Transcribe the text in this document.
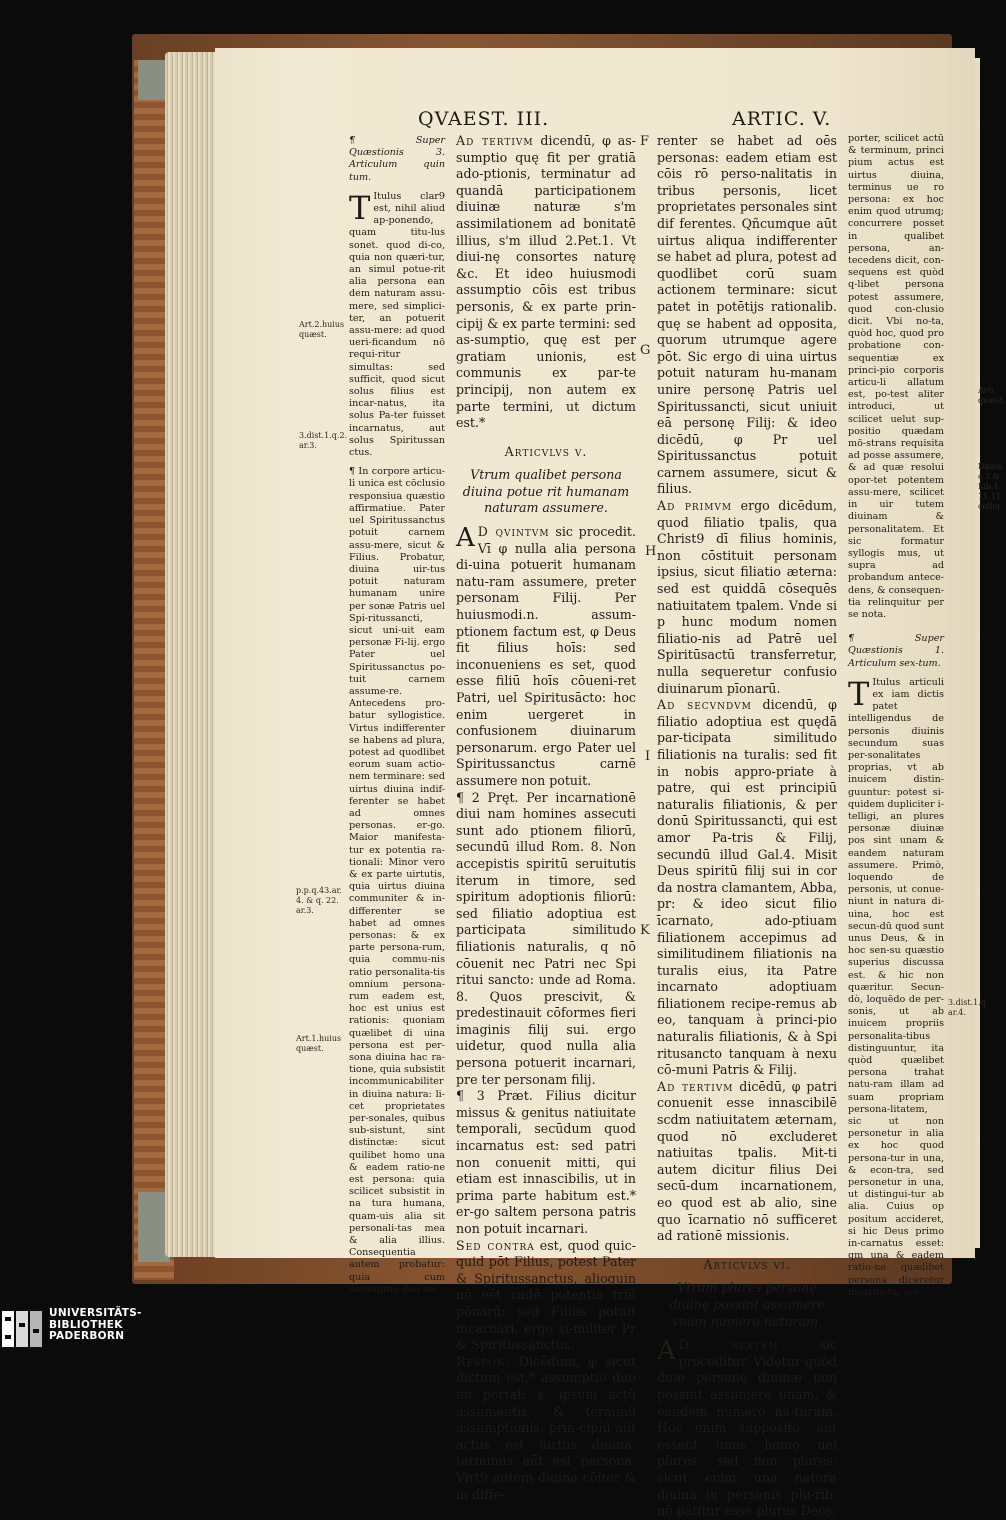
QVAEST. III.	ARTIC. V.
Art.2.huius quæst.
3.dist.1.q.2. ar.3.
p.p.q.43.ar. 4. & q. 22. ar.3.
Art.1.huius quæst.
Arti. quæst.
Dama. c.3 & Lib.1. 11.11. collig.
3.dist.1.q ar.4.
F
G
H
I
K

¶ Super Quæstionis 3. Articulum quin tum.

T Itulus clar9 est, nihil aliud ap-ponendo, quam titu-lus sonet. quod di-co, quia non quæri-tur, an simul potue-rit alia persona ean dem naturam assu-mere, sed simplici-ter, an potuerit assu-mere: ad quod ueri-ficandum nō requi-ritur simultas: sed sufficit, quod sicut solus filius est incar-natus, ita solus Pa-ter fuisset incarnatus, aut solus Spiritussan ctus.

¶ In corpore articu-li unica est cōclusio responsiua quæstio affirmatiue. Pater uel Spiritussanctus potuit carnem assu-mere, sicut & Filius. Probatur, diuina uir-tus potuit naturam humanam unire per sonæ Patris uel Spi-ritussancti, sicut uni-uit eam personæ Fi-lij. ergo Pater uel Spiritussanctus po-tuit carnem assume-re. Antecedens pro-batur syllogistice. Virtus indifferenter se habens ad plura, potest ad quodlibet eorum suam actio-nem terminare: sed uirtus diuina indif-ferenter se habet ad omnes personas. er-go. Maior manifesta-tur ex potentia ra-tionali: Minor vero & ex parte uirtutis, quia uirtus diuina communiter & in-differenter se habet ad omnes personas: & ex parte persona-rum, quia commu-nis ratio personalita-tis omnium persona-rum eadem est, hoc est unius est rationis: quoniam quælibet di uina persona est per-sona diuina hac ra-tione, quia subsistit incommunicabiliter in diuina natura: li-cet proprietates per-sonales, quibus sub-sistunt, sint distinctæ: sicut quilibet homo una & eadem ratio-ne est persona: quia scilicet subsistit in na tura humana, quam-uis alia sit personali-tas mea & alia illius. Consequentia autem probatur: quia cum assumptio duo im-

Ad tertivm dicendū, φ as-sumptio quę fit per gratiā ado-ptionis, terminatur ad quandā participationem diuinæ naturæ s'm assimilationem ad bonitatē illius, s'm illud 2.Pet.1. Vt diui-nę consortes naturę &c. Et ideo huiusmodi assumptio cōis est tribus personis, & ex parte prin-cipij & ex parte termini: sed as-sumptio, quę est per gratiam unionis, est communis ex par-te principij, non autem ex parte termini, ut dictum est.*

Articvlvs v.

Vtrum qualibet persona diuina potue rit humanam naturam assumere.

A D qvintvm sic procedit. Vī φ nulla alia persona di-uina potuerit humanam natu-ram assumere, preter personam Filij. Per huiusmodi.n. assum-ptionem factum est, φ Deus fit filius hoīs: sed inconueniens es set, quod esse filiū hoīs cōueni-ret Patri, uel Spiritusācto: hoc enim uergeret in confusionem diuinarum personarum. ergo Pater uel Spiritussanctus carnē assumere non potuit.

¶ 2 Pręt. Per incarnationē diui nam homines assecuti sunt ado ptionem filiorū, secundū illud Rom. 8. Non accepistis spiritū seruitutis iterum in timore, sed spiritum adoptionis filiorū: sed filiatio adoptiua est participata similitudo filiationis naturalis, q nō cōuenit nec Patri nec Spi ritui sancto: unde ad Roma. 8. Quos prescivit, & predestinauit cōformes fieri imaginis filij sui. ergo uidetur, quod nulla alia persona potuerit incarnari, pre ter personam filij.

¶ 3 Præt. Filius dicitur missus & genitus natiuitate temporali, secūdum quod incarnatus est: sed patri non conuenit mitti, qui etiam est innascibilis, ut in prima parte habitum est.* er-go saltem persona patris non potuit incarnari.

Sed contra est, quod quic-quid pōt Filius, potest Pater & Spiritussanctus, alioquin nō eēt cadē potentia triū pōnarū: sed Filius potuit incarnari. ergo si-militer Pr & Spiritussanctus.

Respon. Dicēdum, φ sicut dictum est,* assumptio duo im portat: s. ipsum actū assumentis, & terminū assumptionis: prin-cipiū aūt actus est uirtus diuina: terminus aūt est persona. Virt9 autem diuina cōiter & in diffe-

renter se habet ad oēs personas: eadem etiam est cōis rō perso-nalitatis in tribus personis, licet proprietates personales sint dif ferentes. Qñcumque aūt uirtus aliqua indifferenter se habet ad plura, potest ad quodlibet corū suam actionem terminare: sicut patet in potētijs rationalib. quę se habent ad opposita, quorum utrumque agere pōt. Sic ergo di uina uirtus potuit naturam hu-manam unire personę Patris uel Spiritussancti, sicut uniuit eā personę Filij: & ideo dicēdū, φ Pr uel Spiritussanctus potuit carnem assumere, sicut & filius.

Ad primvm ergo dicēdum, quod filiatio tpalis, qua Christ9 dī filius hominis, non cōstituit personam ipsius, sicut filiatio æterna: sed est quiddā cōsequēs natiuitatem tpalem. Vnde si p hunc modum nomen filiatio-nis ad Patrē uel Spiritūsactū transferretur, nulla sequeretur confusio diuinarum pīonarū.

Ad secvndvm dicendū, φ filiatio adoptiua est quędā par-ticipata similitudo filiationis na turalis: sed fit in nobis appro-priate à patre, qui est principiū naturalis filiationis, & per donū Spiritussancti, qui est amor Pa-tris & Filij, secundū illud Gal.4. Misit Deus spiritū filij sui in cor da nostra clamantem, Abba, pr: & ideo sicut filio īcarnato, ado-ptiuam filiationem accepimus ad similitudinem filiationis na turalis eius, ita Patre incarnato adoptiuam filiationem recipe-remus ab eo, tanquam à princi-pio naturalis filiationis, & à Spi ritusancto tanquam à nexu cō-muni Patris & Filij.

Ad tertivm dicēdū, φ patri conuenit esse innascibilē scdm natiuitatem æternam, quod nō excluderet natiuitas tpalis. Mit-ti autem dicitur filius Dei secū-dum incarnationem, eo quod est ab alio, sine quo īcarnatio nō sufficeret ad rationē missionis.

Articvlvs vi.

Vtrum plures personę diuinę possint assumere vnam numero naturam.

A D sextvm sic proceditur. Videtur quòd duæ personę diuinæ non possint assumere unam, & eandem numero na-turam. Hoc enim supposito, aut essent unus homo uel plures: sed non plures: sicut enim una natura diuina in personis plu-rib. nō patitur esse plures Deos,

porter, scilicet actū & terminum, princi pium actus est uirtus diuina, terminus ue ro persona: ex hoc enim quod utrumq; concurrere posset in qualibet persona, an-tecedens dicit, con-sequens est quòd q-libet persona potest assumere, quod con-clusio dicit. Vbi no-ta, quòd hoc, quod pro probatione con-sequentiæ ex princi-pio corporis articu-li allatum est, po-test aliter introduci, ut scilicet uelut sup-positio quædam mō-strans requisita ad posse assumere, & ad quæ resolui opor-tet potentem assu-mere, scilicet in uir tutem diuinam & personalitatem. Et sic formatur syllogis mus, ut supra ad probandum antece-dens, & consequen-tia relinquitur per se nota.

¶ Super Quæstionis 1. Articulum sex-tum.

T Itulus articuli ex iam dictis patet intelligendus de personis diuinis secundum suas per-sonalitates proprias, vt ab inuicem distin-guuntur: potest si-quidem dupliciter i-telligi, an plures personæ diuinæ pos sint unam & eandem naturam assumere. Primò, loquendo de personis, ut conue-niunt in natura di-uina, hoc est secun-dū quod sunt unus Deus, & in hoc sen-su quæstio superius discussa est. & hic non quæritur. Secun-dò, loquēdo de per-sonis, ut ab inuicem propriis personalita-tibus distinguuntur, ita quòd quælibet persona trahat natu-ram illam ad suam propriam persona-litatem, sic ut non personetur in alia ex hoc quod persona-tur in una, & econ-tra, sed personetur in una, ut distingui-tur ab alia. Cuius op positum accideret, si hic Deus primo in-carnatus esset: qm una & eadem ratio-ne quælibet persona diceretur incarna-ta; sci-

UNIVERSITÄTS-
BIBLIOTHEK
PADERBORN
